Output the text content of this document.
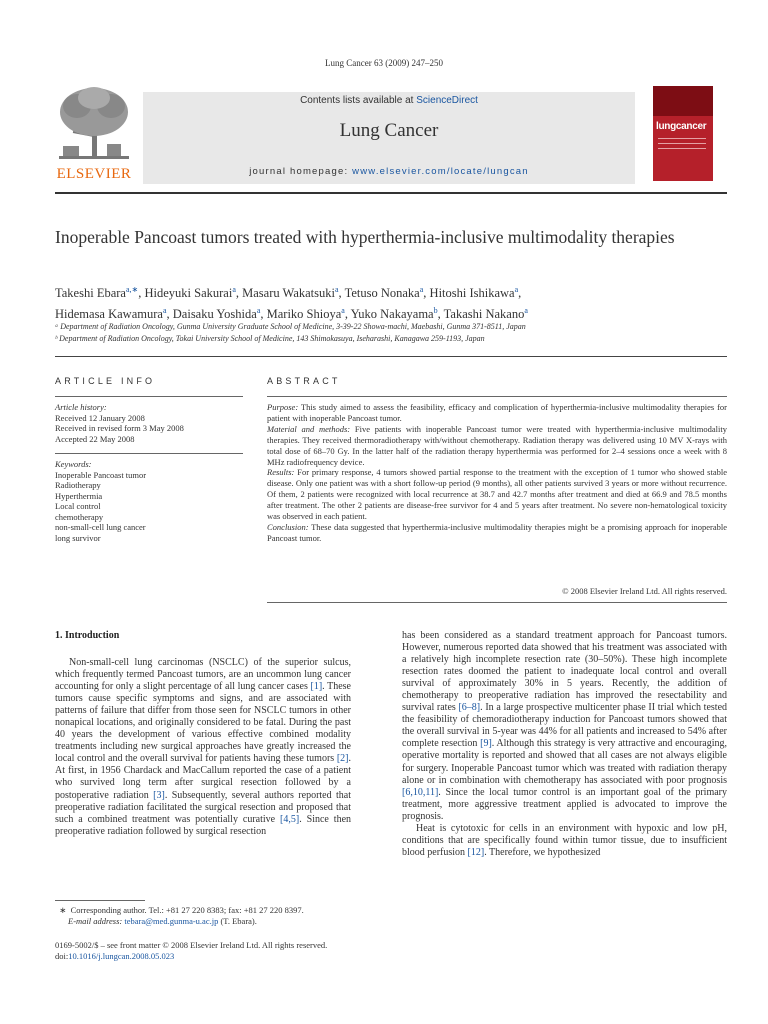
Lung Cancer 63 (2009) 247–250
ELSEVIER
Contents lists available at ScienceDirect
Lung Cancer
journal homepage: www.elsevier.com/locate/lungcan
lungcancer
Inoperable Pancoast tumors treated with hyperthermia-inclusive multimodality therapies
Takeshi Ebara$^{a,∗}$, Hideyuki Sakurai$^a$, Masaru Wakatsuki$^a$, Tetuso Nonaka$^a$, Hitoshi Ishikawa$^a$,
Hidemasa Kawamura$^a$, Daisaku Yoshida$^a$, Mariko Shioya$^a$, Yuko Nakayama$^b$, Takashi Nakano$^a$
ᵃ Department of Radiation Oncology, Gunma University Graduate School of Medicine, 3-39-22 Showa-machi, Maebashi, Gunma 371-8511, Japan
ᵇ Department of Radiation Oncology, Tokai University School of Medicine, 143 Shimokasuya, Iseharashi, Kanagawa 259-1193, Japan
ARTICLE INFO	ABSTRACT
Article history:
Received 12 January 2008
Received in revised form 3 May 2008
Accepted 22 May 2008
Keywords:
Inoperable Pancoast tumor
Radiotherapy
Hyperthermia
Local control
chemotherapy
non-small-cell lung cancer
long survivor

Purpose: This study aimed to assess the feasibility, efficacy and complication of hyperthermia-inclusive multimodality therapies for patient with inoperable Pancoast tumor.

Material and methods: Five patients with inoperable Pancoast tumor were treated with hyperthermia-inclusive multimodality therapies. They received thermoradiotherapy with/without chemotherapy. Radiation therapy was delivered using 10 MV X-rays with total dose of 68–70 Gy. In the latter half of the radiation therapy hyperthermia was performed for 2–4 sessions once a week with 8 MHz radiofrequency device.

Results: For primary response, 4 tumors showed partial response to the treatment with the exception of 1 tumor who showed stable disease. Only one patient was with a short follow-up period (9 months), all other patients survived 3 years or more without recurrence. Of them, 2 patients were recognized with local recurrence at 38.7 and 42.7 months after treatment and died at 66.9 and 78.5 months after treatment. The other 2 patients are disease-free survivor for 4 and 5 years after treatment. No severe non-hematological toxicity was observed in each patient.

Conclusion: These data suggested that hyperthermia-inclusive multimodality therapies might be a promising approach for inoperable Pancoast tumor.

© 2008 Elsevier Ireland Ltd. All rights reserved.
1. Introduction

Non-small-cell lung carcinomas (NSCLC) of the superior sulcus, which frequently termed Pancoast tumors, are an uncommon lung cancer accounting for only a slight percentage of all lung cancer cases [1]. These tumors cause specific symptoms and signs, and are associated with patterns of failure that differ from those seen for NSCLC tumors in other nonapical locations, and originally considered to be fatal. During the past 40 years the development of various effective combined modality treatments including new surgical approaches have greatly increased the local control and the overall survival for patients having these tumors [2]. At first, in 1956 Chardack and MacCallum reported the case of a patient who survived long term after surgical resection followed by a postoperative radiation [3]. Subsequently, several authors reported that preoperative radiation facilitated the surgical resection and proposed that such a combined treatment was potentially curative [4,5]. Since then preoperative radiation followed by surgical resection

has been considered as a standard treatment approach for Pancoast tumors. However, numerous reported data showed that his treatment was associated with a relatively high incomplete resection rate (30–50%). These high incomplete resection rates doomed the patient to inadequate local control and overall survival of approximately 30% in 5 years. Recently, the addition of chemotherapy to preoperative radiation has improved the resectability and survival rates [6–8]. In a large prospective multicenter phase II trial which tested the feasibility of chemoradiotherapy induction for Pancoast tumors showed that the overall survival in 5-year was 44% for all patients and increased to 54% after complete resection [9]. Although this strategy is very attractive and encouraging, operative mortality is reported and showed that all cases are not always eligible for surgery. Inoperable Pancoast tumor which was treated with radiation therapy alone or in combination with chemotherapy has associated with poor prognosis [6,10,11]. Since the local tumor control is an important goal of the primary treatment, more aggressive treatment applied is advocated to improve the prognosis.

Heat is cytotoxic for cells in an environment with hypoxic and low pH, conditions that are specifically found within tumor tissue, due to insufficient blood perfusion [12]. Therefore, we hypothesized

∗ Corresponding author. Tel.: +81 27 220 8383; fax: +81 27 220 8397.
E-mail address: tebara@med.gunma-u.ac.jp (T. Ebara).
0169-5002/$ – see front matter © 2008 Elsevier Ireland Ltd. All rights reserved.
doi:10.1016/j.lungcan.2008.05.023
